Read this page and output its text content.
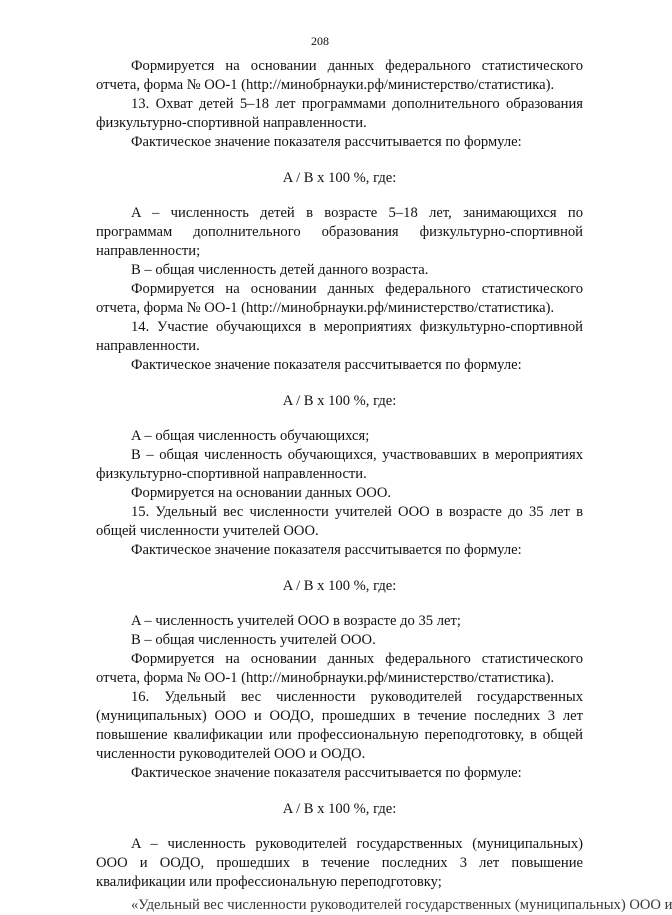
208

Формируется на основании данных федерального статистического отчета, форма № ОО-1 (http://минобрнауки.рф/министерство/статистика).

13. Охват детей 5–18 лет программами дополнительного образования физкультурно-спортивной направленности.

Фактическое значение показателя рассчитывается по формуле:

A / B х 100 %, где:

A – численность детей в возрасте 5–18 лет, занимающихся по программам дополнительного образования физкультурно-спортивной направленности;

B – общая численность детей данного возраста.

Формируется на основании данных федерального статистического отчета, форма № ОО-1 (http://минобрнауки.рф/министерство/статистика).

14. Участие обучающихся в мероприятиях физкультурно-спортивной направленности.

Фактическое значение показателя рассчитывается по формуле:

A / B х 100 %, где:

A – общая численность обучающихся;

B – общая численность обучающихся, участвовавших в мероприятиях физкультурно-спортивной направленности.

Формируется на основании данных ООО.

15. Удельный вес численности учителей ООО в возрасте до 35 лет в общей численности учителей ООО.

Фактическое значение показателя рассчитывается по формуле:

A / B х 100 %, где:

A – численность учителей ООО в возрасте до 35 лет;

B – общая численность учителей ООО.

Формируется на основании данных федерального статистического отчета, форма № ОО-1 (http://минобрнауки.рф/министерство/статистика).

16. Удельный вес численности руководителей государственных (муниципальных) ООО и ООДО, прошедших в течение последних 3 лет повышение квалификации или профессиональную переподготовку, в общей численности руководителей ООО и ООДО.

Фактическое значение показателя рассчитывается по формуле:

A / B х 100 %, где:

A – численность руководителей государственных (муниципальных) ООО и ООДО, прошедших в течение последних 3 лет повышение квалификации или профессиональную переподготовку;

«Удельный вес численности руководителей государственных (муниципальных) ООО и
